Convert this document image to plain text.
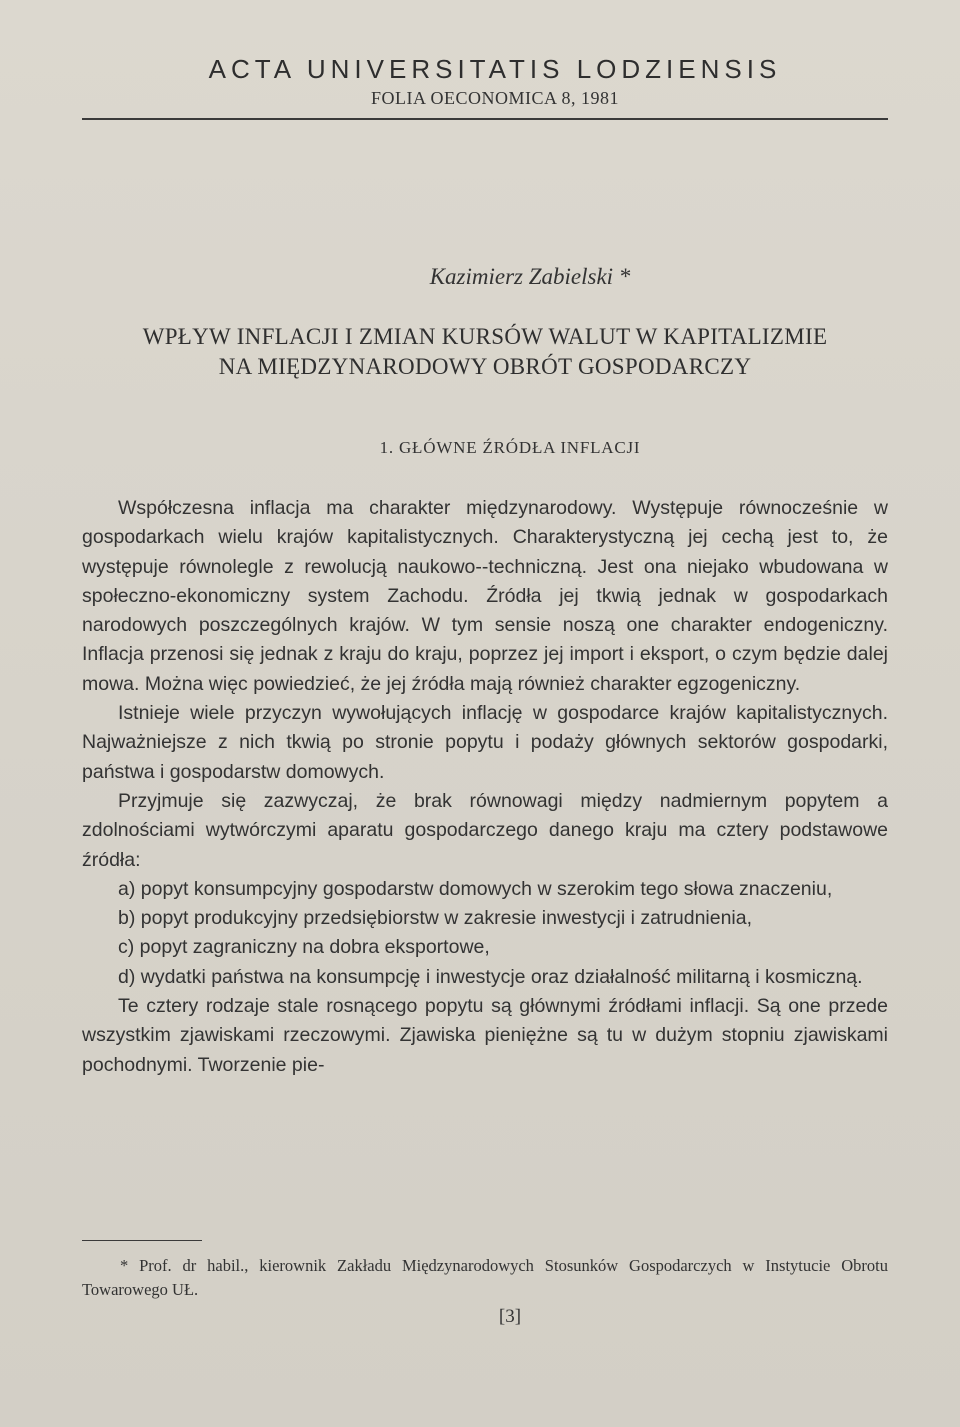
ACTA UNIVERSITATIS LODZIENSIS
FOLIA OECONOMICA 8, 1981
Kazimierz Zabielski *
WPŁYW INFLACJI I ZMIAN KURSÓW WALUT W KAPITALIZMIE
NA MIĘDZYNARODOWY OBRÓT GOSPODARCZY
1. GŁÓWNE ŹRÓDŁA INFLACJI

Współczesna inflacja ma charakter międzynarodowy. Występuje równocześnie w gospodarkach wielu krajów kapitalistycznych. Charakterystyczną jej cechą jest to, że występuje równolegle z rewolucją naukowo--techniczną. Jest ona niejako wbudowana w społeczno-ekonomiczny system Zachodu. Źródła jej tkwią jednak w gospodarkach narodowych poszczególnych krajów. W tym sensie noszą one charakter endogeniczny. Inflacja przenosi się jednak z kraju do kraju, poprzez jej import i eksport, o czym będzie dalej mowa. Można więc powiedzieć, że jej źródła mają również charakter egzogeniczny.

Istnieje wiele przyczyn wywołujących inflację w gospodarce krajów kapitalistycznych. Najważniejsze z nich tkwią po stronie popytu i podaży głównych sektorów gospodarki, państwa i gospodarstw domowych.

Przyjmuje się zazwyczaj, że brak równowagi między nadmiernym popytem a zdolnościami wytwórczymi aparatu gospodarczego danego kraju ma cztery podstawowe źródła:

a) popyt konsumpcyjny gospodarstw domowych w szerokim tego słowa znaczeniu,

b) popyt produkcyjny przedsiębiorstw w zakresie inwestycji i zatrudnienia,

c) popyt zagraniczny na dobra eksportowe,

d) wydatki państwa na konsumpcję i inwestycje oraz działalność militarną i kosmiczną.

Te cztery rodzaje stale rosnącego popytu są głównymi źródłami inflacji. Są one przede wszystkim zjawiskami rzeczowymi. Zjawiska pieniężne są tu w dużym stopniu zjawiskami pochodnymi. Tworzenie pie-

* Prof. dr habil., kierownik Zakładu Międzynarodowych Stosunków Gospodarczych w Instytucie Obrotu Towarowego UŁ.
[3]
